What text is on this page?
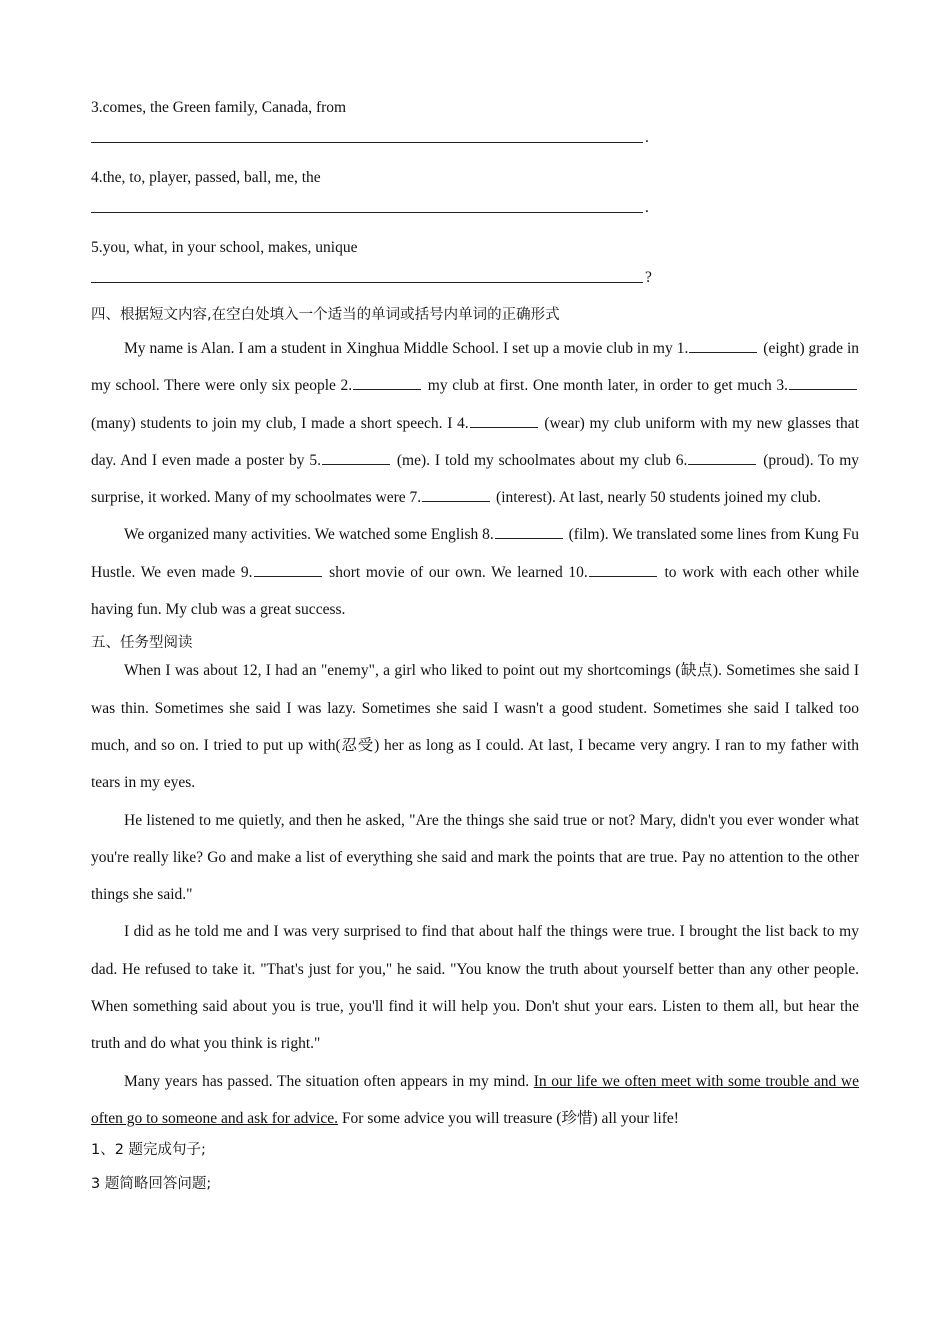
3.comes, the Green family, Canada, from
.
4.the, to, player, passed, ball, me, the
.
5.you, what, in your school, makes, unique
?
四、根据短文内容,在空白处填入一个适当的单词或括号内单词的正确形式

My name is Alan. I am a student in Xinghua Middle School. I set up a movie club in my 1.	(eight) grade in my school. There were only six people 2.	my club at first. One month later, in order to get much 3. (many) students to join my club, I made a short speech. I 4.	(wear) my club uniform with my new glasses that day. And I even made a poster by 5.	(me). I told my schoolmates about my club 6.	(proud). To my surprise, it worked. Many of my schoolmates were 7.	(interest). At last, nearly 50 students joined my club.

We organized many activities. We watched some English 8.	(film). We translated some lines from Kung Fu Hustle. We even made 9.	short movie of our own. We learned 10.	to work with each other while having fun. My club was a great success.

五、任务型阅读

When I was about 12, I had an "enemy", a girl who liked to point out my shortcomings (缺点). Sometimes she said I was thin. Sometimes she said I was lazy. Sometimes she said I wasn't a good student. Sometimes she said I talked too much, and so on. I tried to put up with(忍受) her as long as I could. At last, I became very angry. I ran to my father with tears in my eyes.

He listened to me quietly, and then he asked, "Are the things she said true or not? Mary, didn't you ever wonder what you're really like? Go and make a list of everything she said and mark the points that are true. Pay no attention to the other things she said."

I did as he told me and I was very surprised to find that about half the things were true. I brought the list back to my dad. He refused to take it. "That's just for you," he said. "You know the truth about yourself better than any other people. When something said about you is true, you'll find it will help you. Don't shut your ears. Listen to them all, but hear the truth and do what you think is right."

Many years has passed. The situation often appears in my mind. In our life we often meet with some trouble and we often go to someone and ask for advice. For some advice you will treasure (珍惜) all your life!

1、2 题完成句子;
3 题简略回答问题;
